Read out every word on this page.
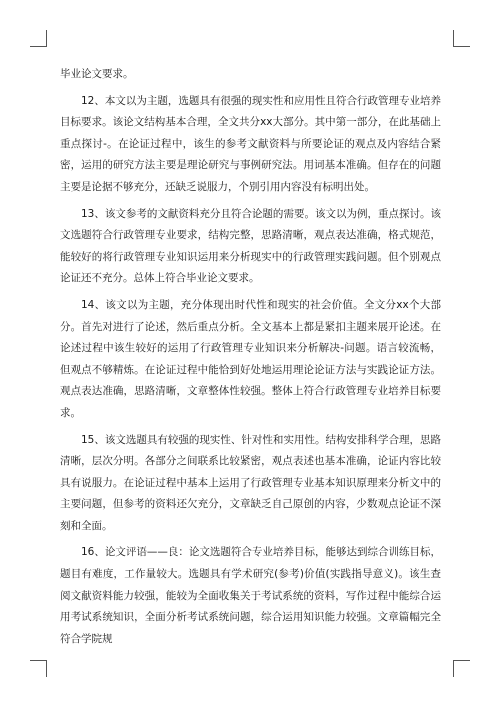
毕业论文要求。

12、本文以为主题，选题具有很强的现实性和应用性且符合行政管理专业培养目标要求。该论文结构基本合理，全文共分xx大部分。其中第一部分，在此基础上重点探讨-。在论证过程中，该生的参考文献资料与所要论证的观点及内容结合紧密，运用的研究方法主要是理论研究与事例研究法。用词基本准确。但存在的问题主要是论据不够充分，还缺乏说服力，个别引用内容没有标明出处。

13、该文参考的文献资料充分且符合论题的需要。该文以为例，重点探讨。该文选题符合行政管理专业要求，结构完整，思路清晰，观点表达准确，格式规范，能较好的将行政管理专业知识运用来分析现实中的行政管理实践问题。但个别观点论证还不充分。总体上符合毕业论文要求。

14、该文以为主题，充分体现出时代性和现实的社会价值。全文分xx个大部分。首先对进行了论述，然后重点分析。全文基本上都是紧扣主题来展开论述。在论述过程中该生较好的运用了行政管理专业知识来分析解决-问题。语言较流畅，但观点不够精炼。在论证过程中能恰到好处地运用理论论证方法与实践论证方法。观点表达准确，思路清晰，文章整体性较强。整体上符合行政管理专业培养目标要求。

15、该文选题具有较强的现实性、针对性和实用性。结构安排科学合理，思路清晰，层次分明。各部分之间联系比较紧密，观点表述也基本准确，论证内容比较具有说服力。在论证过程中基本上运用了行政管理专业基本知识原理来分析文中的主要问题，但参考的资料还欠充分，文章缺乏自己原创的内容，少数观点论证不深刻和全面。

16、论文评语——良：论文选题符合专业培养目标，能够达到综合训练目标，题目有难度，工作量较大。选题具有学术研究(参考)价值(实践指导意义)。该生查阅文献资料能力较强，能较为全面收集关于考试系统的资料，写作过程中能综合运用考试系统知识，全面分析考试系统问题，综合运用知识能力较强。文章篇幅完全符合学院规
